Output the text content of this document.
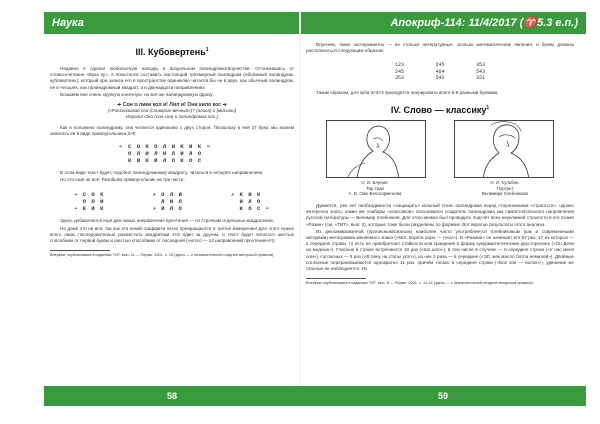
Наука	Апокриф-114: 11/4/2017 (♈5.3 е.п.)
III. Кубовертень$^1$

Недавно я сделал любопытную находку в визуальном палиндромотворчестве. Отталкиваясь от словосочетания «Бука ку», я попытался составить настоящий трёхмерный палиндром (объёмный палиндром, кубовертень), который при записи его в пространстве одинаково читался бы не в двух, как обычный палиндром, не в четырёх, как палиндромный квадрат, а в двенадцати направлениях.

Возьмём вне очень хрупкую конечную, но всё же палиндромную фразу:

➔ Сон о лики кол и! Лил и! Они кило кос ➔
(«Рассказывай сон (словарно-вечный»)? (алиса) о (мисины)
Играли! Они (сон сон) о палиндромах кос.)

Как и положено палиндрому, она читается одинаково с двух сторон. Поскольку в ней 27 букв, мы можем записать её в виде прямоугольника 3×9:

➔ С О К О Л И К И К ⬅
О Л И Л И Л И Л О
К И К И Л О К О С

В этом виде текст будет, подобно палиндромному квадрату, читаться в четырёх направлениях.

Но это ещё не всё. Разобьём прямоугольник на три части:

➔ С О К
О Л И
➔ К И К
↗ О Л И
Л И Л
↗ И Л О
↗ К И К
И Л О
К О С ⬅

Здесь добавляются ещё два новых направления прочтения — по строчкам отдельных квадратиков.

Но даже это не всё, так как эта некий граффити легко превращаются в третье измерение! Для этого нужно всего лишь последовательно разместить квадратики 3×3 один за другим, и текст будет читаться шестью способами от первой буквы и шестью способами от последней («итого — 12 направлений прочтения»!!!).

Впервые опубликована в изданиях ТИТ, вып. 11 — Пермь: 2001, с. 23 (здесь — с незначительной поздней авторской правкой).

Впрочем, такие эксперименты — не столько литературные, сколько математические явления, и буквы должны располагаться следующим образом:

123	245	353
245	464	543
353	542	321

Таким образом, для куба 3×3×3 приходится оперировать всего 5-6 разными буквами.

IV. Слово — классику$^1$
Н. И. Блунин.
Тир трап
А. В. Оже-Белогорменова
Н. И. Кульбин.
Портрет
Велимира Хлебникова

Думается, уже нет необходимости «защищать» кольный стиль палиндрома перед сторонниками «строгости», однако интересно знать, какие же «наборы «классиков» пользовался создатель палиндрома как самостоятельного направления русской литературы — Велимир Хлебников. Для этого можно был проводить подсчёт всех неуклюжей строкости в его поэме «Разин» (см. «ТИТ», вып. 2), которые тоже были разделены по формам. Вот вкратце результаты этого анализа.

Из декламированной (прописным/сжатым) наиболее часто употребляется Хлебниковым (как и современными авторами) метаграмма меняемого знака («Мот, ворота норо — точь!»). В «Разине» он начинает его 67 раз, 17 из которых — в середине строки, то есть не приобретают стойкости или сращения в форму кукурмагнетические двусторонних («Он Дели на медных»). Гласные в строке встречаются 10 раз («Шо шло»), в том числе 6 случаях — в середине строки («У нас меня ели»), согласных — 6 раз («В лену на ступы угол»), из них 2 раза — в середине («ЭЛ, жек масло ботла немилей»). Двойные согласные перераковываются однократно 11 раз, причём только в середине строки («Вол ков — волок!»), удвоение же гласных не наблюдается. Из

Впервые опубликована в изданиях ТИТ, вып. 8 — Пермь: 2001, с. 10-14 (здесь — с незначительной поздней авторской правкой).

58	59
